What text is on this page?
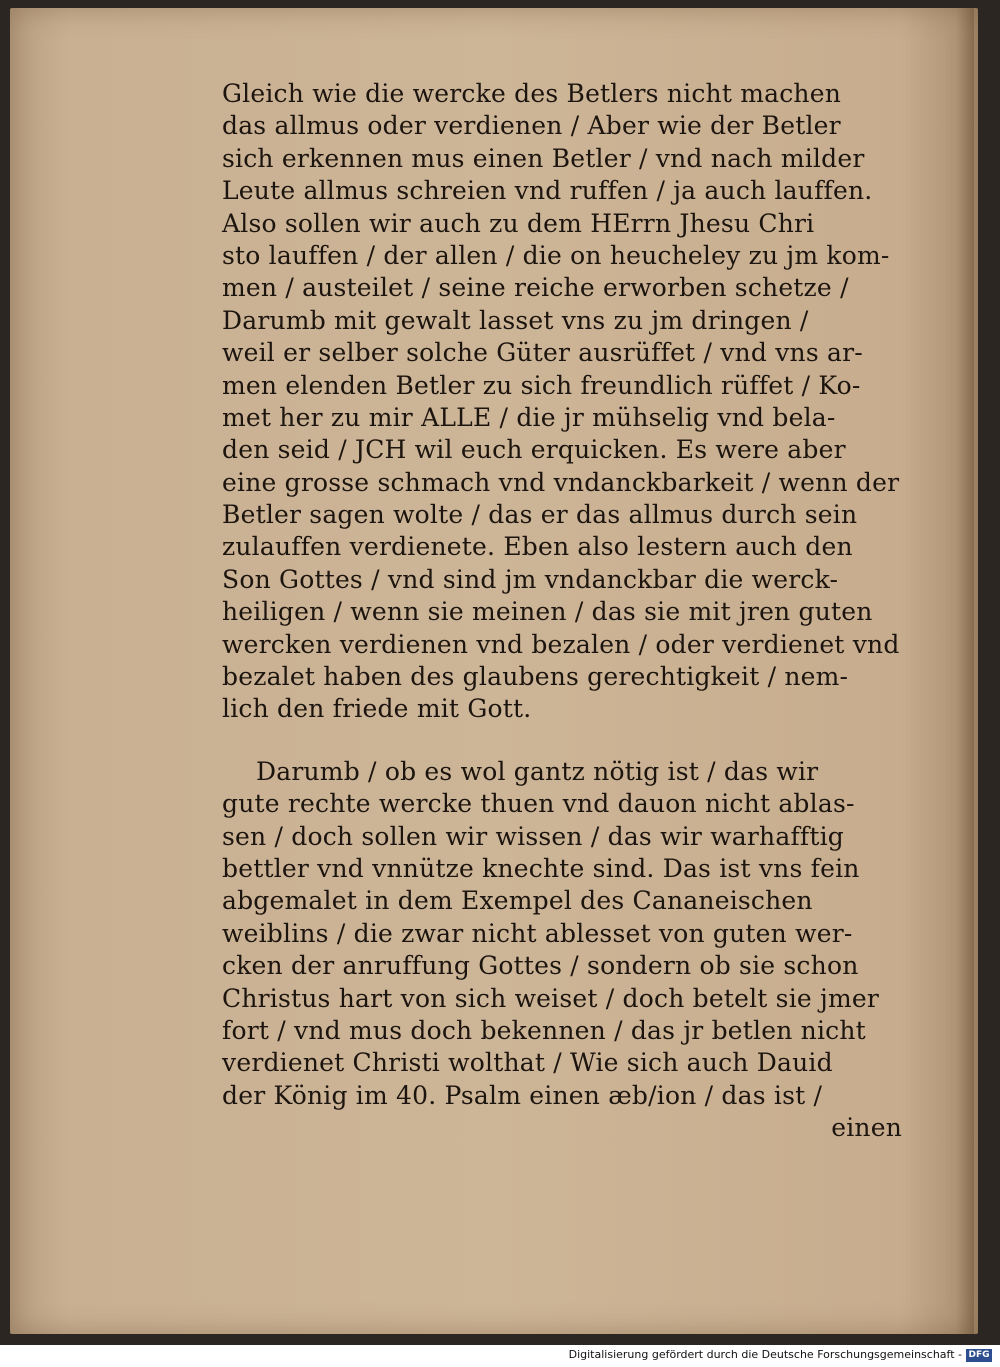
Gleich wie die wercke des Betlers nicht machen
das allmus oder verdienen / Aber wie der Betler
sich erkennen mus einen Betler / vnd nach milder
Leute allmus schreien vnd ruffen / ja auch lauffen.
Also sollen wir auch zu dem HErrn Jhesu Chri
sto lauffen / der allen / die on heucheley zu jm kom-
men / austeilet / seine reiche erworben schetze /
Darumb mit gewalt lasset vns zu jm dringen /
weil er selber solche Güter ausrüffet / vnd vns ar-
men elenden Betler zu sich freundlich rüffet / Ko-
met her zu mir ALLE / die jr mühselig vnd bela-
den seid / JCH wil euch erquicken. Es were aber
eine grosse schmach vnd vndanckbarkeit / wenn der
Betler sagen wolte / das er das allmus durch sein
zulauffen verdienete. Eben also lestern auch den
Son Gottes / vnd sind jm vndanckbar die werck-
heiligen / wenn sie meinen / das sie mit jren guten
wercken verdienen vnd bezalen / oder verdienet vnd
bezalet haben des glaubens gerechtigkeit / nem-
lich den friede mit Gott.
Darumb / ob es wol gantz nötig ist / das wir
gute rechte wercke thuen vnd dauon nicht ablas-
sen / doch sollen wir wissen / das wir warhafftig
bettler vnd vnnütze knechte sind. Das ist vns fein
abgemalet in dem Exempel des Cananeischen
weiblins / die zwar nicht ablesset von guten wer-
cken der anruffung Gottes / sondern ob sie schon
Christus hart von sich weiset / doch betelt sie jmer
fort / vnd mus doch bekennen / das jr betlen nicht
verdienet Christi wolthat / Wie sich auch Dauid
der König im 40. Psalm einen æb/ion / das ist /
einen
Digitalisierung gefördert durch die Deutsche Forschungsgemeinschaft - DFG
